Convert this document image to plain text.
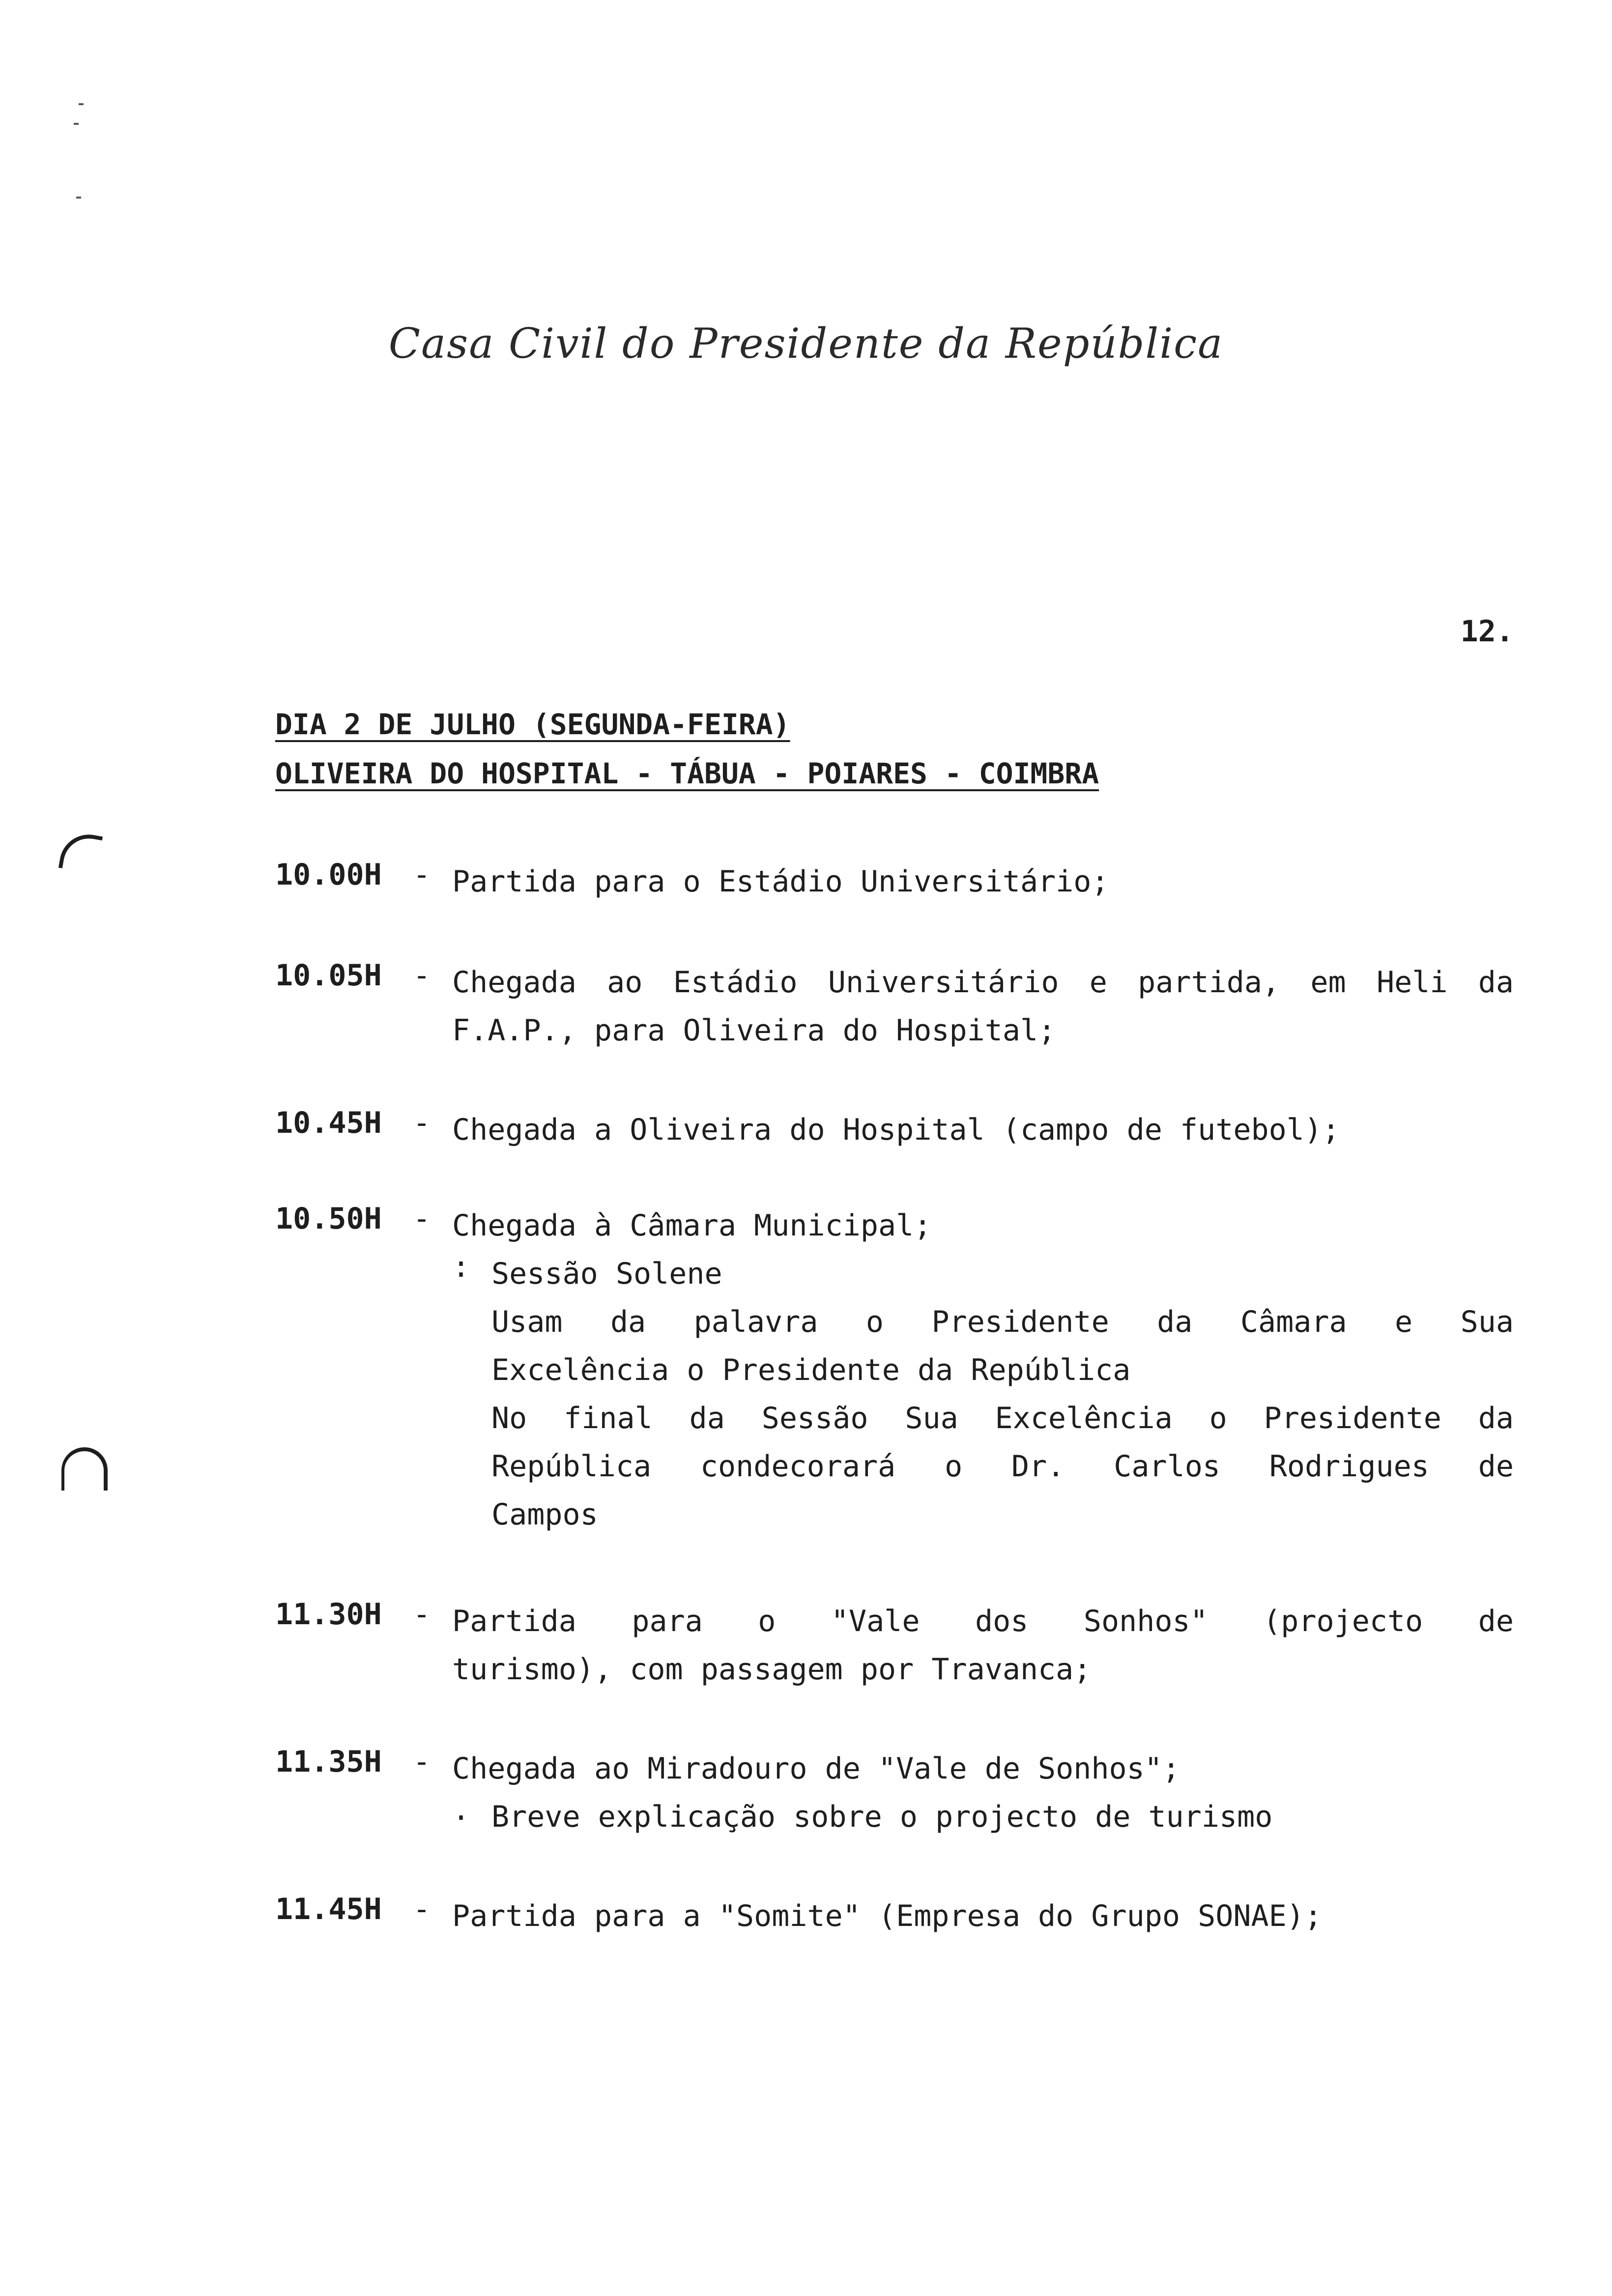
Casa Civil do Presidente da República
12.
DIA 2 DE JULHO (SEGUNDA-FEIRA)
OLIVEIRA DO HOSPITAL - TÁBUA - POIARES - COIMBRA
10.00H - Partida para o Estádio Universitário;
10.05H - Chegada ao Estádio Universitário e partida, em Heli da
F.A.P., para Oliveira do Hospital;
10.45H - Chegada a Oliveira do Hospital (campo de futebol);
10.50H - Chegada à Câmara Municipal;
: Sessão Solene
Usam da palavra o Presidente da Câmara e Sua
Excelência o Presidente da República
No final da Sessão Sua Excelência o Presidente da
República condecorará o Dr. Carlos Rodrigues de
Campos
11.30H - Partida para o "Vale dos Sonhos" (projecto de
turismo), com passagem por Travanca;
11.35H - Chegada ao Miradouro de "Vale de Sonhos";
. Breve explicação sobre o projecto de turismo
11.45H - Partida para a "Somite" (Empresa do Grupo SONAE);
